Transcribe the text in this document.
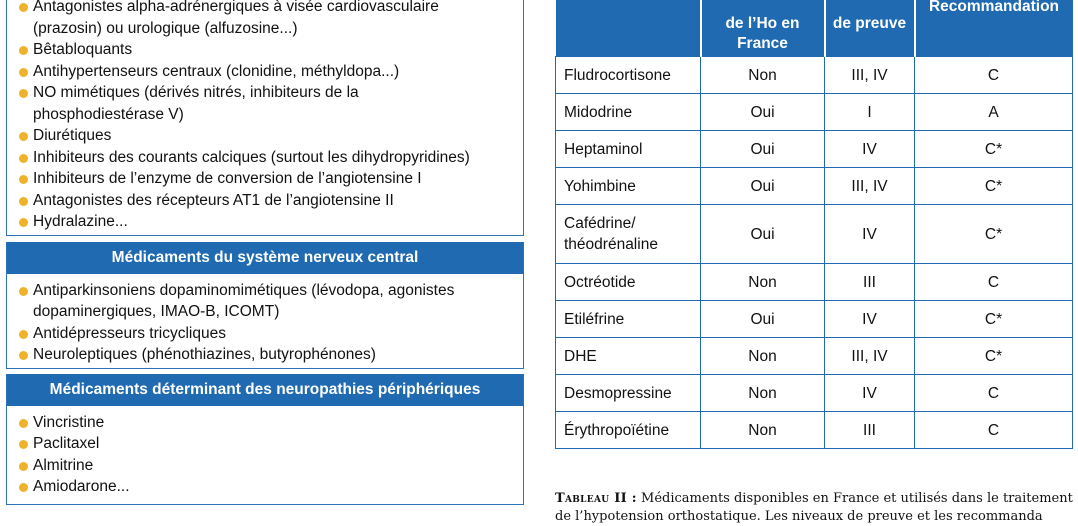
Antagonistes alpha-adrénergiques à visée cardiovasculaire
(prazosin) ou urologique (alfuzosine...)
Bêtabloquants
Antihypertenseurs centraux (clonidine, méthyldopa...)
NO mimétiques (dérivés nitrés, inhibiteurs de la
phosphodiestérase V)
Diurétiques
Inhibiteurs des courants calciques (surtout les dihydropyridines)
Inhibiteurs de l’enzyme de conversion de l’angiotensine I
Antagonistes des récepteurs AT1 de l’angiotensine II
Hydralazine...
Médicaments du système nerveux central
Antiparkinsoniens dopaminomimétiques (lévodopa, agonistes
dopaminergiques, IMAO-B, ICOMT)
Antidépresseurs tricycliques
Neuroleptiques (phénothiazines, butyrophénones)
Médicaments déterminant des neuropathies périphériques
Vincristine
Paclitaxel
Almitrine
Amiodarone...
	de l’Ho en France	de preuve	Recommandation
Fludrocortisone	Non	III, IV	C
Midodrine	Oui	I	A
Heptaminol	Oui	IV	C*
Yohimbine	Oui	III, IV	C*
Cafédrine/ théodrénaline	Oui	IV	C*
Octréotide	Non	III	C
Etiléfrine	Oui	IV	C*
DHE	Non	III, IV	C*
Desmopressine	Non	IV	C
Érythropoïétine	Non	III	C
Tableau II : Médicaments disponibles en France et utilisés dans le traitement
de l’hypotension orthostatique. Les niveaux de preuve et les recommanda
